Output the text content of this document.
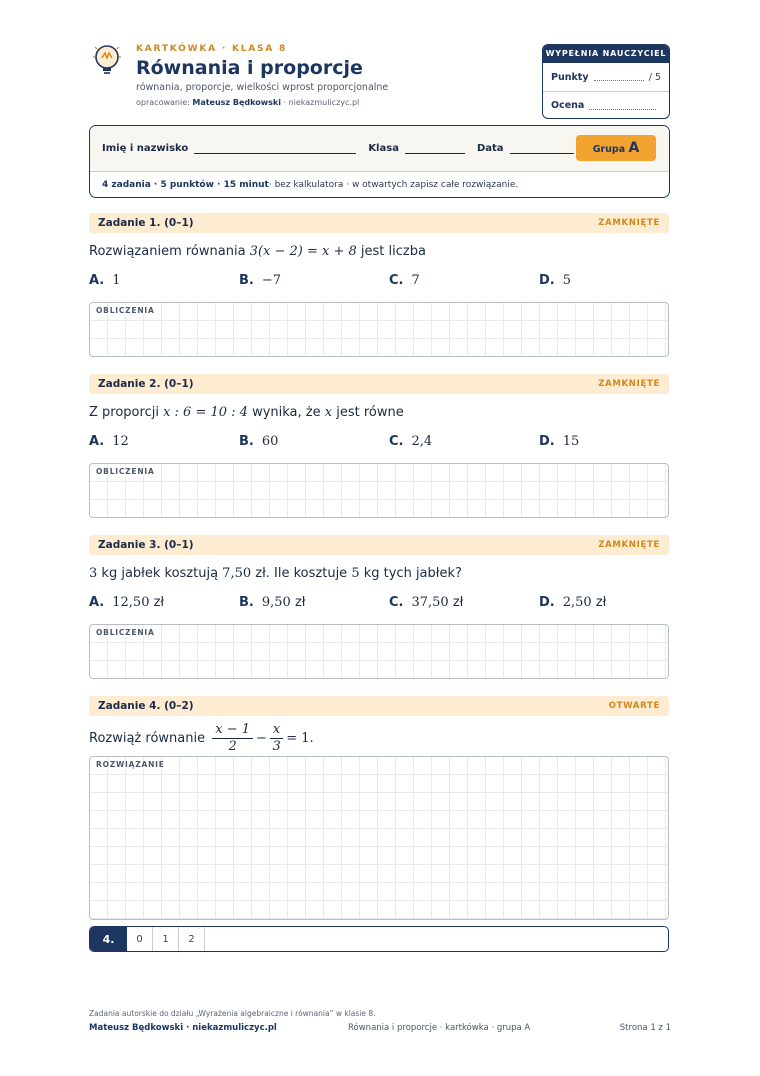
KARTKÓWKA · KLASA 8
Równania i proporcje
równania, proporcje, wielkości wprost proporcjonalne
opracowanie: Mateusz Będkowski · niekazmuliczyc.pl
WYPEŁNIA NAUCZYCIEL
Punkty	/ 5
Ocena
Imię i nazwisko	Klasa	Data	Grupa A
4 zadania · 5 punktów · 15 minut · bez kalkulatora · w otwartych zapisz całe rozwiązanie.
Zadanie 1. (0–1)	ZAMKNIĘTE
Rozwiązaniem równania 3(x − 2) = x + 8 jest liczba
A. 1	B. −7	C. 7	D. 5
OBLICZENIA
Zadanie 2. (0–1)	ZAMKNIĘTE
Z proporcji x : 6 = 10 : 4 wynika, że x jest równe
A. 12	B. 60	C. 2,4	D. 15
OBLICZENIA
Zadanie 3. (0–1)	ZAMKNIĘTE
3 kg jabłek kosztują 7,50 zł. Ile kosztuje 5 kg tych jabłek?
A. 12,50 zł	B. 9,50 zł	C. 37,50 zł	D. 2,50 zł
OBLICZENIA
Zadanie 4. (0–2)	OTWARTE
Rozwiąż równanie $\frac{x - 1}{2} - \frac{x}{3} = 1$.
ROZWIĄZANIE
4.	0	1	2
Zadania autorskie do działu „Wyrażenia algebraiczne i równania” w klasie 8.
Mateusz Będkowski · niekazmuliczyc.pl	Równania i proporcje · kartkówka · grupa A	Strona 1 z 1
